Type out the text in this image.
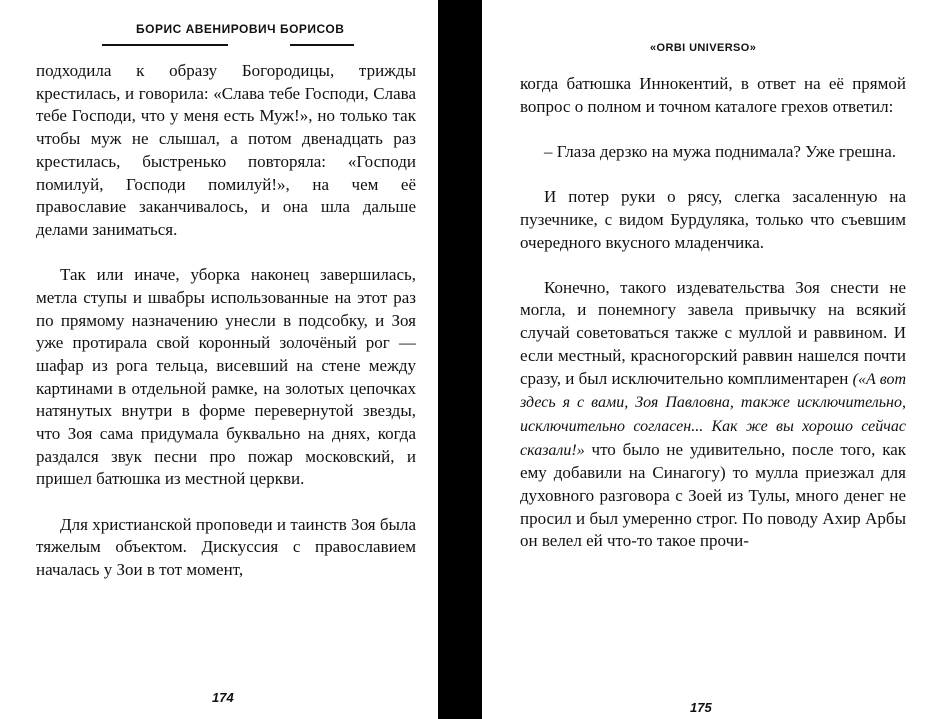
БОРИС АВЕНИРОВИЧ БОРИСОВ

подходила к образу Богородицы, трижды крестилась, и говорила: «Слава тебе Господи, Слава тебе Господи, что у меня есть Муж!», но только так чтобы муж не слышал, а потом двенадцать раз крестилась, быстренько повторяла: «Господи помилуй, Господи помилуй!», на чем её православие заканчивалось, и она шла дальше делами заниматься.

Так или иначе, уборка наконец завершилась, метла ступы и швабры использованные на этот раз по прямому назначению унесли в подсобку, и Зоя уже протирала свой коронный золочёный рог — шафар из рога тельца, висевший на стене между картинами в отдельной рамке, на золотых цепочках натянутых внутри в форме перевернутой звезды, что Зоя сама придумала буквально на днях, когда раздался звук песни про пожар московский, и пришел батюшка из местной церкви.

Для христианской проповеди и таинств Зоя была тяжелым объектом. Дискуссия с православием началась у Зои в тот момент,

174
«ORBI UNIVERSO»

когда батюшка Иннокентий, в ответ на её прямой вопрос о полном и точном каталоге грехов ответил:

– Глаза дерзко на мужа поднимала? Уже грешна.

И потер руки о рясу, слегка засаленную на пузечнике, с видом Бурдуляка, только что съевшим очередного вкусного младенчика.

Конечно, такого издевательства Зоя снести не могла, и понемногу завела привычку на всякий случай советоваться также с муллой и раввином. И если местный, красногорский раввин нашелся почти сразу, и был исключительно комплиментарен («А вот здесь я с вами, Зоя Павловна, также исключительно, исключительно согласен... Как же вы хорошо сейчас сказали!» что было не удивительно, после того, как ему добавили на Синагогу) то мулла приезжал для духовного разговора с Зоей из Тулы, много денег не просил и был умеренно строг. По поводу Ахир Арбы он велел ей что-то такое прочи-

175
